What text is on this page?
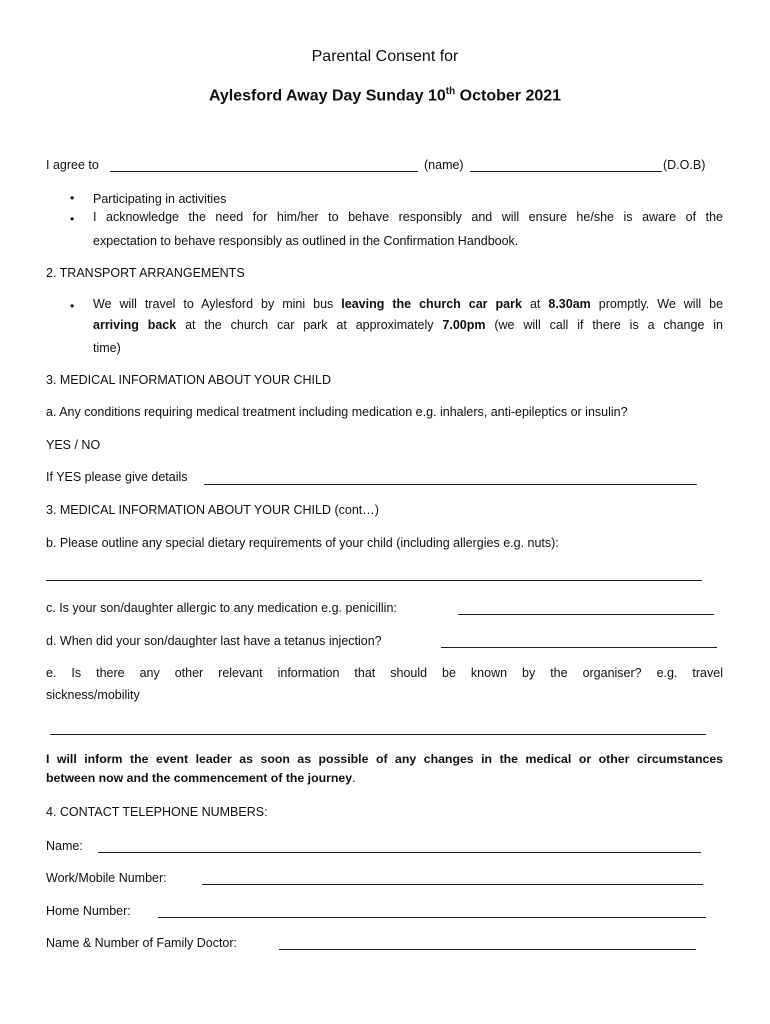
Parental Consent for
Aylesford Away Day Sunday 10th October 2021
I agree to	(name)	(D.O.B)
• Participating in activities
• I acknowledge the need for him/her to behave responsibly and will ensure he/she is aware of the
expectation to behave responsibly as outlined in the Confirmation Handbook.
2. TRANSPORT ARRANGEMENTS
• We will travel to Aylesford by mini bus leaving the church car park at 8.30am promptly. We will be
arriving back at the church car park at approximately 7.00pm (we will call if there is a change in
time)
3. MEDICAL INFORMATION ABOUT YOUR CHILD
a. Any conditions requiring medical treatment including medication e.g. inhalers, anti-epileptics or insulin?
YES / NO
If YES please give details
3. MEDICAL INFORMATION ABOUT YOUR CHILD (cont…)
b. Please outline any special dietary requirements of your child (including allergies e.g. nuts):
c. Is your son/daughter allergic to any medication e.g. penicillin:
d. When did your son/daughter last have a tetanus injection?
e. Is there any other relevant information that should be known by the organiser? e.g. travel
sickness/mobility
I will inform the event leader as soon as possible of any changes in the medical or other circumstances
between now and the commencement of the journey.
4. CONTACT TELEPHONE NUMBERS:
Name:
Work/Mobile Number:
Home Number:
Name & Number of Family Doctor:
